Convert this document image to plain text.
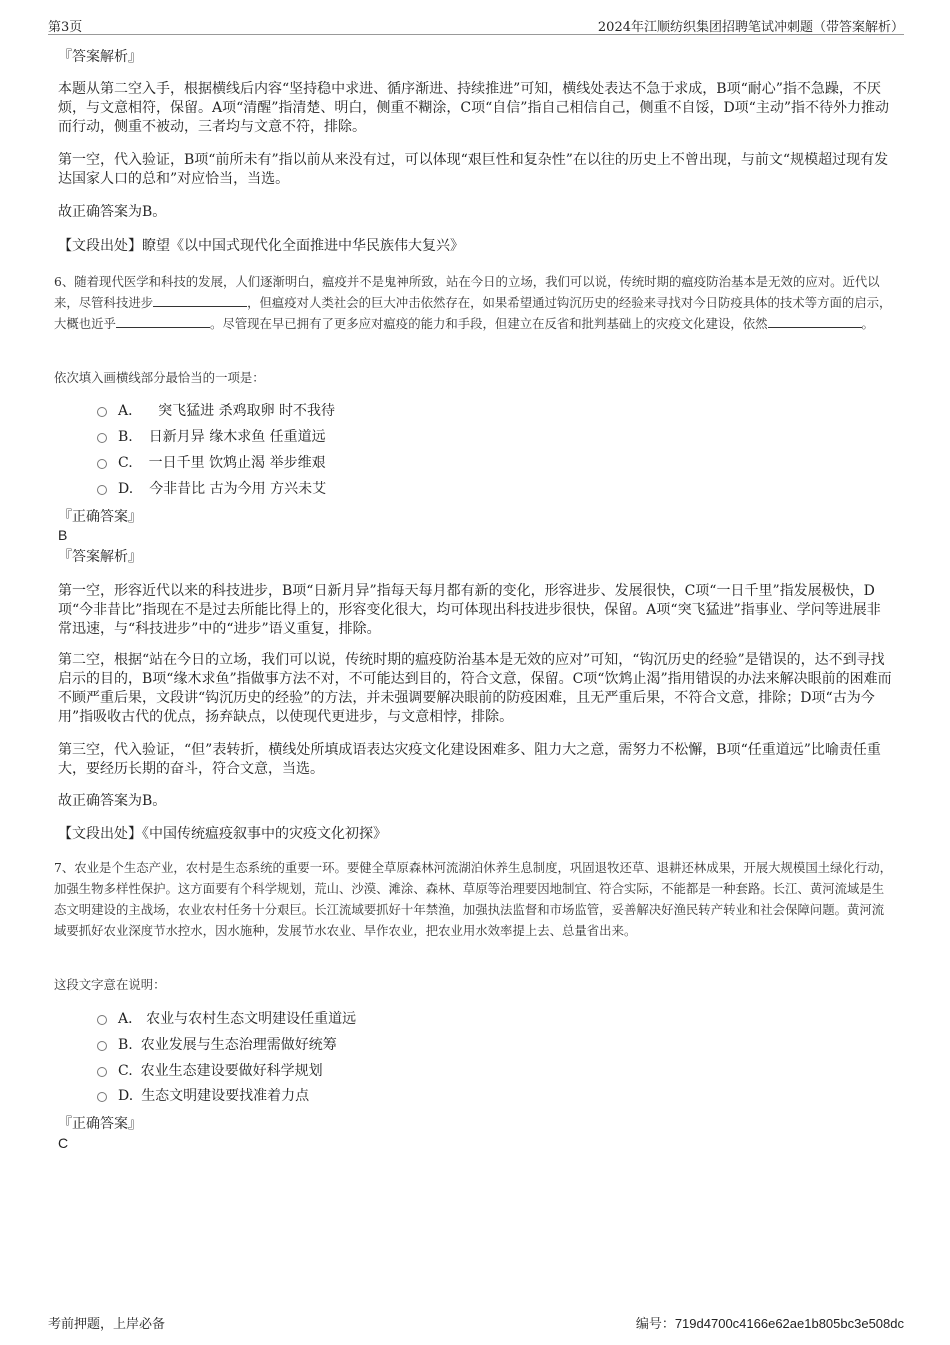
第3页	2024年江顺纺织集团招聘笔试冲刺题（带答案解析）
『答案解析』

本题从第二空入手，根据横线后内容“坚持稳中求进、循序渐进、持续推进”可知，横线处表达不急于求成，B项“耐心”指不急躁，不厌烦，与文意相符，保留。A项“清醒”指清楚、明白，侧重不糊涂，C项“自信”指自己相信自己，侧重不自馁，D项“主动”指不待外力推动而行动，侧重不被动，三者均与文意不符，排除。

第一空，代入验证，B项“前所未有”指以前从来没有过，可以体现“艰巨性和复杂性”在以往的历史上不曾出现，与前文“规模超过现有发达国家人口的总和”对应恰当，当选。

故正确答案为B。

【文段出处】瞭望《以中国式现代化全面推进中华民族伟大复兴》

6、随着现代医学和科技的发展，人们逐渐明白，瘟疫并不是鬼神所致，站在今日的立场，我们可以说，传统时期的瘟疫防治基本是无效的应对。近代以来，尽管科技进步	，但瘟疫对人类社会的巨大冲击依然存在，如果希望通过钩沉历史的经验来寻找对今日防疫具体的技术等方面的启示，大概也近乎	。尽管现在早已拥有了更多应对瘟疫的能力和手段，但建立在反省和批判基础上的灾疫文化建设，依然	。

依次填入画横线部分最恰当的一项是：

A． 突飞猛进 杀鸡取卵 时不我待
B. 日新月异 缘木求鱼 任重道远
C. 一日千里 饮鸩止渴 举步维艰
D. 今非昔比 古为今用 方兴未艾
『正确答案』
B
『答案解析』

第一空，形容近代以来的科技进步，B项“日新月异”指每天每月都有新的变化，形容进步、发展很快，C项“一日千里”指发展极快，D项“今非昔比”指现在不是过去所能比得上的，形容变化很大，均可体现出科技进步很快，保留。A项“突飞猛进”指事业、学问等进展非常迅速，与“科技进步”中的“进步”语义重复，排除。

第二空，根据“站在今日的立场，我们可以说，传统时期的瘟疫防治基本是无效的应对”可知，“钩沉历史的经验”是错误的，达不到寻找启示的目的，B项“缘木求鱼”指做事方法不对，不可能达到目的，符合文意，保留。C项“饮鸩止渴”指用错误的办法来解决眼前的困难而不顾严重后果，文段讲“钩沉历史的经验”的方法，并未强调要解决眼前的防疫困难，且无严重后果，不符合文意，排除；D项“古为今用”指吸收古代的优点，扬弃缺点，以使现代更进步，与文意相悖，排除。

第三空，代入验证，“但”表转折，横线处所填成语表达灾疫文化建设困难多、阻力大之意，需努力不松懈，B项“任重道远”比喻责任重大，要经历长期的奋斗，符合文意，当选。

故正确答案为B。

【文段出处】《中国传统瘟疫叙事中的灾疫文化初探》

7、农业是个生态产业，农村是生态系统的重要一环。要健全草原森林河流湖泊休养生息制度，巩固退牧还草、退耕还林成果，开展大规模国土绿化行动，加强生物多样性保护。这方面要有个科学规划，荒山、沙漠、滩涂、森林、草原等治理要因地制宜、符合实际，不能都是一种套路。长江、黄河流域是生态文明建设的主战场，农业农村任务十分艰巨。长江流域要抓好十年禁渔，加强执法监督和市场监管，妥善解决好渔民转产转业和社会保障问题。黄河流域要抓好农业深度节水控水，因水施种，发展节水农业、旱作农业，把农业用水效率提上去、总量省出来。

这段文字意在说明：

A． 农业与农村生态文明建设任重道远
B. 农业发展与生态治理需做好统筹
C. 农业生态建设要做好科学规划
D. 生态文明建设要找准着力点
『正确答案』
C
考前押题，上岸必备	编号：719d4700c4166e62ae1b805bc3e508dc
